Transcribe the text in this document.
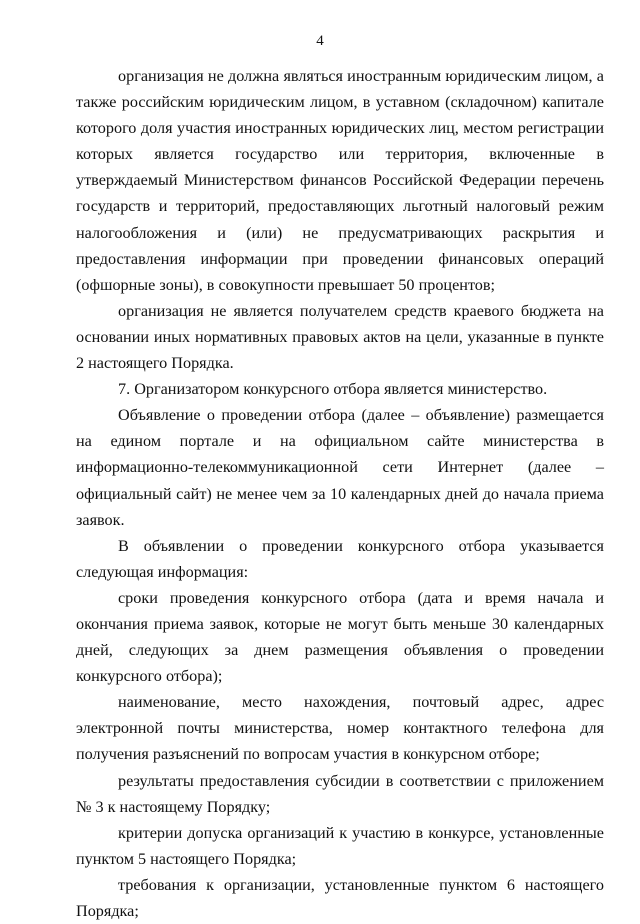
4

организация не должна являться иностранным юридическим лицом, а также российским юридическим лицом, в уставном (складочном) капитале которого доля участия иностранных юридических лиц, местом регистрации которых является государство или территория, включенные в утверждаемый Министерством финансов Российской Федерации перечень государств и территорий, предоставляющих льготный налоговый режим налогообложения и (или) не предусматривающих раскрытия и предоставления информации при проведении финансовых операций (офшорные зоны), в совокупности превышает 50 процентов;

организация не является получателем средств краевого бюджета на основании иных нормативных правовых актов на цели, указанные в пункте 2 настоящего Порядка.

7. Организатором конкурсного отбора является министерство.

Объявление о проведении отбора (далее – объявление) размещается на едином портале и на официальном сайте министерства в информационно-телекоммуникационной сети Интернет (далее – официальный сайт) не менее чем за 10 календарных дней до начала приема заявок.

В объявлении о проведении конкурсного отбора указывается следующая информация:

сроки проведения конкурсного отбора (дата и время начала и окончания приема заявок, которые не могут быть меньше 30 календарных дней, следующих за днем размещения объявления о проведении конкурсного отбора);

наименование, место нахождения, почтовый адрес, адрес электронной почты министерства, номер контактного телефона для получения разъяснений по вопросам участия в конкурсном отборе;

результаты предоставления субсидии в соответствии с приложением № 3 к настоящему Порядку;

критерии допуска организаций к участию в конкурсе, установленные пунктом 5 настоящего Порядка;

требования к организации, установленные пунктом 6 настоящего Порядка;
